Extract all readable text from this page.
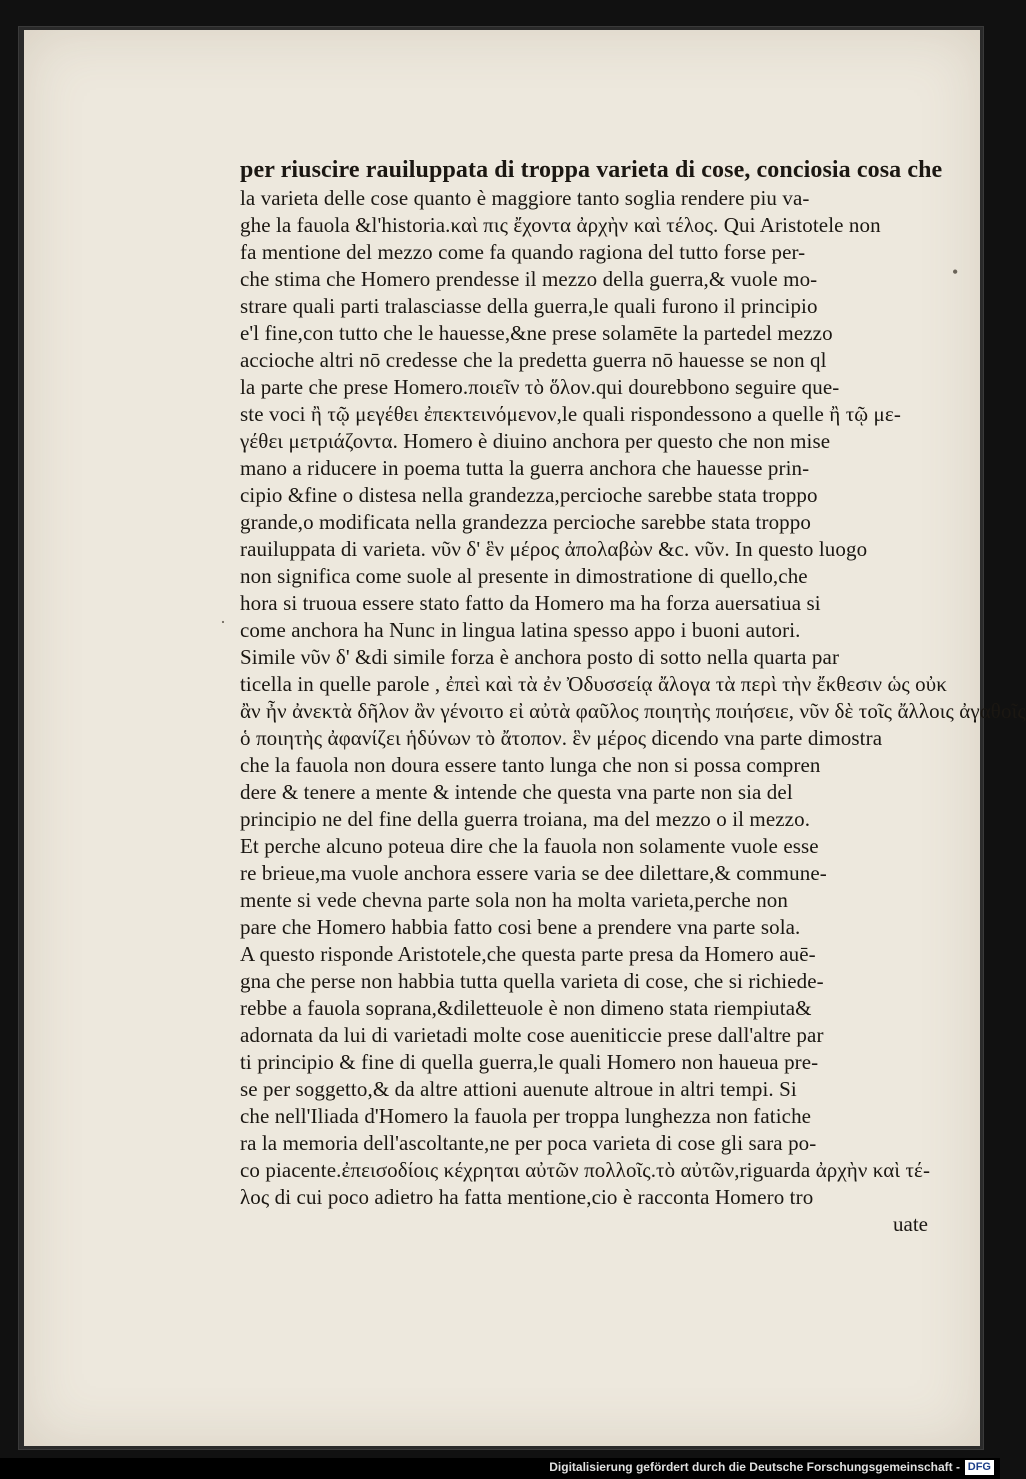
per riuscire rauiluppata di troppa varieta di cose, conciosia cosa che
la varieta delle cose quanto è maggiore tanto soglia rendere piu va-
ghe la fauola &l'historia.καὶ πις ἔχοντα ἀρχὴν καὶ τέλος. Qui Aristotele non
fa mentione del mezzo come fa quando ragiona del tutto forse per-
che stima che Homero prendesse il mezzo della guerra,& vuole mo-
strare quali parti tralasciasse della guerra,le quali furono il principio
e'l fine,con tutto che le hauesse,&ne prese solamēte la partedel mezzo
accioche altri nō credesse che la predetta guerra nō hauesse se non ql
la parte che prese Homero.ποιεῖν τὸ ὅλον.qui dourebbono seguire que-
ste voci ἢ τῷ μεγέθει ἐπεκτεινόμενον,le quali rispondessono a quelle ἢ τῷ με-
γέθει μετριάζοντα. Homero è diuino anchora per questo che non mise
mano a riducere in poema tutta la guerra anchora che hauesse prin-
cipio &fine o distesa nella grandezza,percioche sarebbe stata troppo
grande,o modificata nella grandezza percioche sarebbe stata troppo
rauiluppata di varieta. νῦν δ' ἓν μέρος ἀπολαβὼν &c. νῦν. In questo luogo
non significa come suole al presente in dimostratione di quello,che
hora si truoua essere stato fatto da Homero ma ha forza auersatiua si
come anchora ha Nunc in lingua latina spesso appo i buoni autori.
Simile νῦν δ' &di simile forza è anchora posto di sotto nella quarta par
ticella in quelle parole , ἐπεὶ καὶ τὰ ἐν Ὀδυσσείᾳ ἄλογα τὰ περὶ τὴν ἔκθεσιν ὡς οὐκ
ἂν ἦν ἀνεκτὰ δῆλον ἂν γένοιτο εἰ αὐτὰ φαῦλος ποιητὴς ποιήσειε, νῦν δὲ τοῖς ἄλλοις ἀγαθοῖς
ὁ ποιητὴς ἀφανίζει ἡδύνων τὸ ἄτοπον. ἓν μέρος dicendo vna parte dimostra
che la fauola non doura essere tanto lunga che non si possa compren
dere & tenere a mente & intende che questa vna parte non sia del
principio ne del fine della guerra troiana, ma del mezzo o il mezzo.
Et perche alcuno poteua dire che la fauola non solamente vuole esse
re brieue,ma vuole anchora essere varia se dee dilettare,& commune-
mente si vede chevna parte sola non ha molta varieta,perche non
pare che Homero habbia fatto cosi bene a prendere vna parte sola.
A questo risponde Aristotele,che questa parte presa da Homero auē-
gna che perse non habbia tutta quella varieta di cose, che si richiede-
rebbe a fauola soprana,&diletteuole è non dimeno stata riempiuta&
adornata da lui di varietadi molte cose aueniticcie prese dall'altre par
ti principio & fine di quella guerra,le quali Homero non haueua pre-
se per soggetto,& da altre attioni auenute altroue in altri tempi. Si
che nell'Iliada d'Homero la fauola per troppa lunghezza non fatiche
ra la memoria dell'ascoltante,ne per poca varieta di cose gli sara po-
co piacente.ἐπεισοδίοις κέχρηται αὐτῶν πολλοῖς.τὸ αὐτῶν,riguarda ἀρχὴν καὶ τέ-
λος di cui poco adietro ha fatta mentione,cio è racconta Homero tro
uate
•
·
Digitalisierung gefördert durch die Deutsche Forschungsgemeinschaft - DFG
